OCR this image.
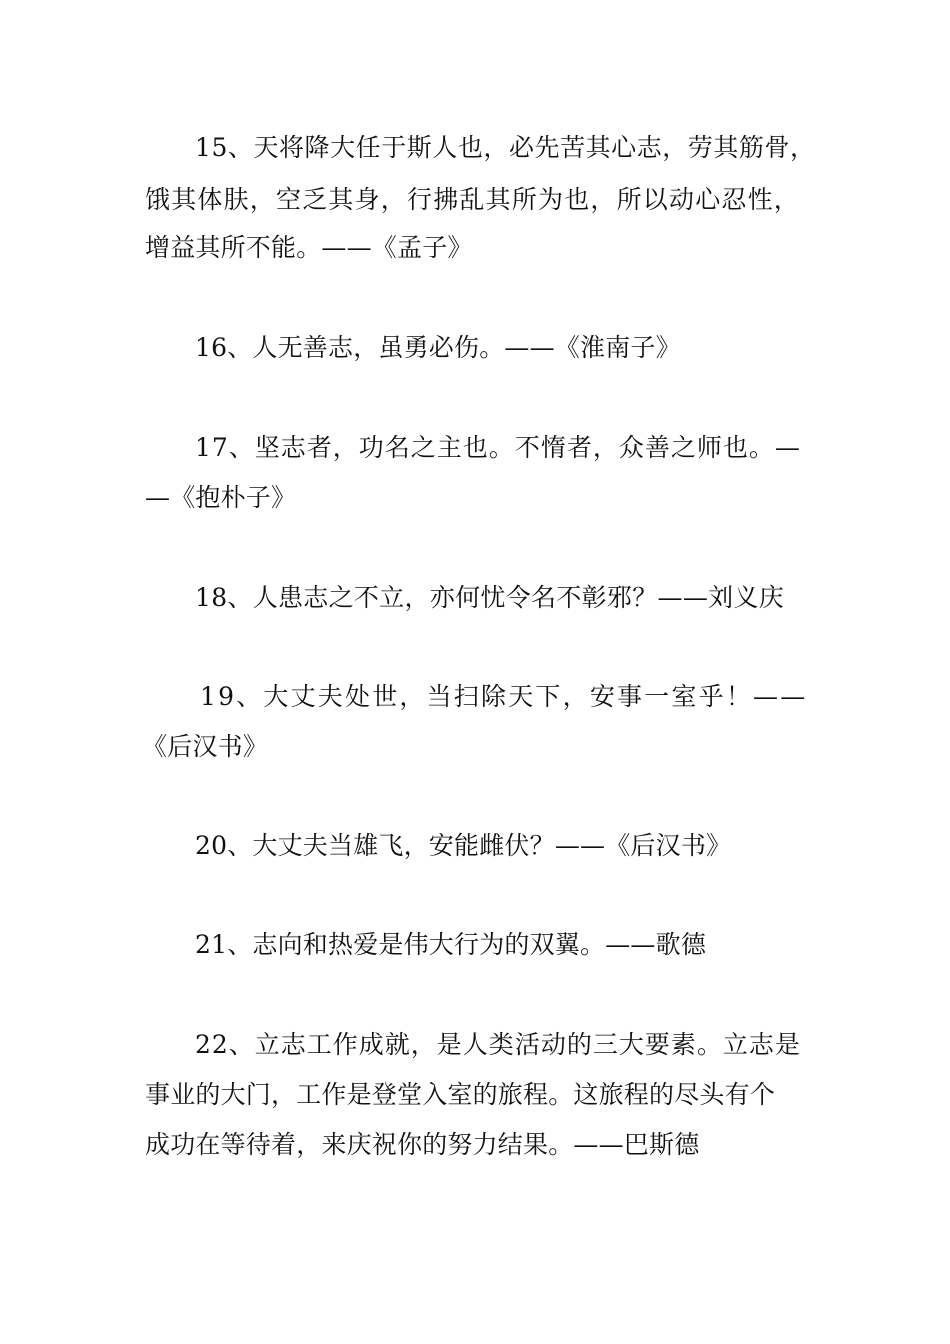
15、天将降大任于斯人也，必先苦其心志，劳其筋骨，
饿其体肤，空乏其身，行拂乱其所为也，所以动心忍性，
增益其所不能。——《孟子》
16、人无善志，虽勇必伤。——《淮南子》
17、坚志者，功名之主也。不惰者，众善之师也。—
—《抱朴子》
18、人患志之不立，亦何忧令名不彰邪？——刘义庆
19、大丈夫处世，当扫除天下，安事一室乎！——
《后汉书》
20、大丈夫当雄飞，安能雌伏？——《后汉书》
21、志向和热爱是伟大行为的双翼。——歌德
22、立志工作成就，是人类活动的三大要素。立志是
事业的大门，工作是登堂入室的旅程。这旅程的尽头有个
成功在等待着，来庆祝你的努力结果。——巴斯德
